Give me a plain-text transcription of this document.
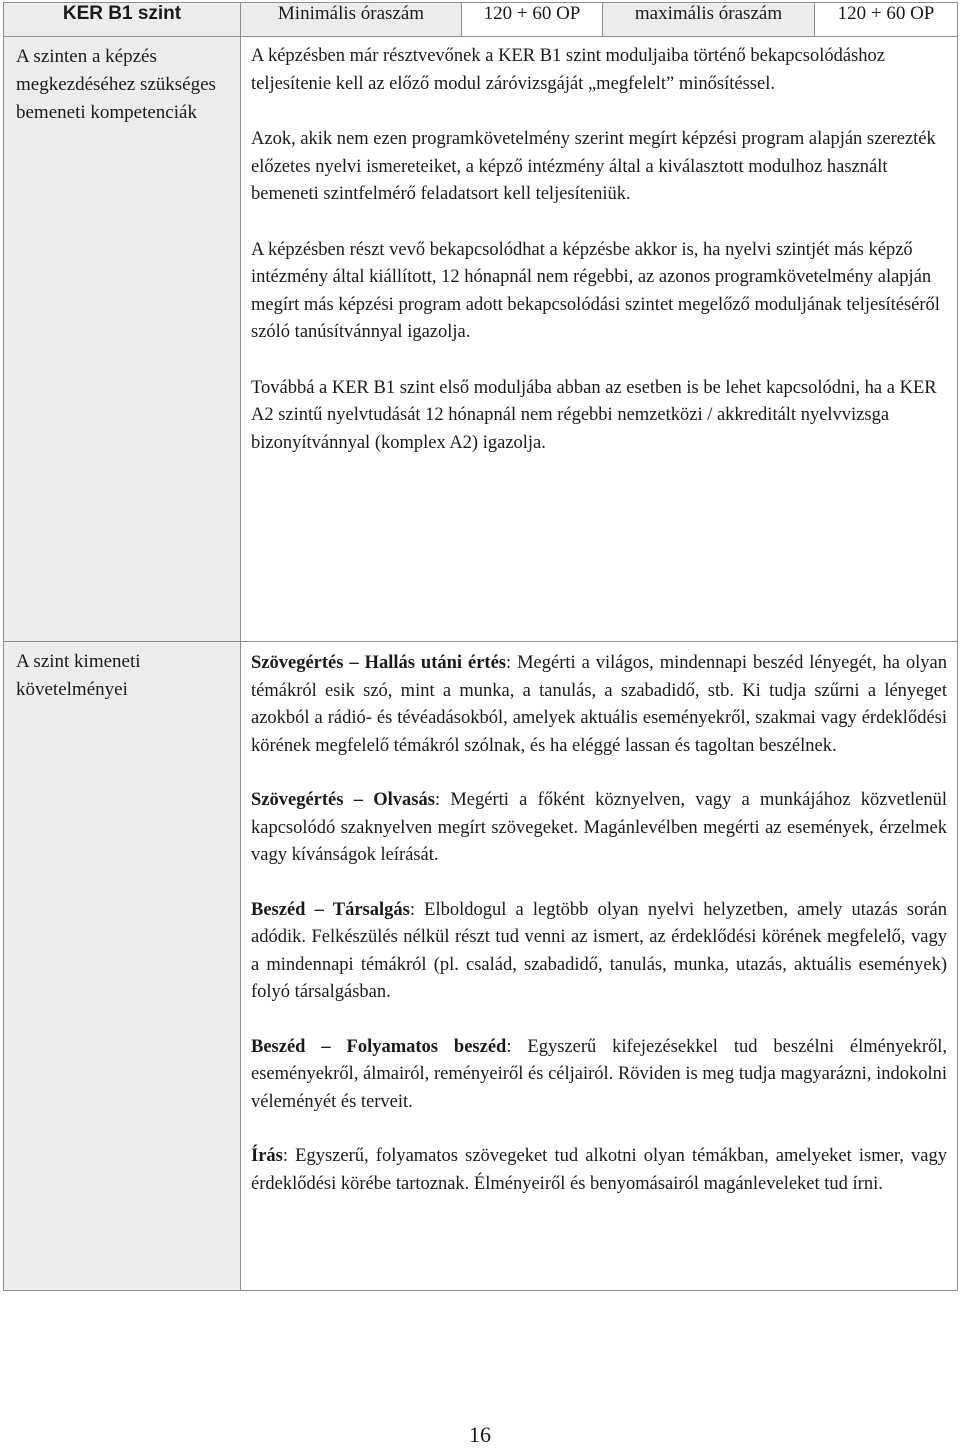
KER B1 szint	Minimális óraszám	120 + 60 OP	maximális óraszám	120 + 60 OP
A szinten a képzés megkezdéséhez szükséges bemeneti kompetenciák	A képzésben már résztvevőnek a KER B1 szint moduljaiba történő bekapcsolódáshoz teljesítenie kell az előző modul záróvizsgáját „megfelelt” minősítéssel.

Azok, akik nem ezen programkövetelmény szerint megírt képzési program alapján szerezték előzetes nyelvi ismereteiket, a képző intézmény által a kiválasztott modulhoz használt bemeneti szintfelmérő feladatsort kell teljesíteniük.

A képzésben részt vevő bekapcsolódhat a képzésbe akkor is, ha nyelvi szintjét más képző intézmény által kiállított, 12 hónapnál nem régebbi, az azonos programkövetelmény alapján megírt más képzési program adott bekapcsolódási szintet megelőző moduljának teljesítéséről szóló tanúsítvánnyal igazolja.

Továbbá a KER B1 szint első moduljába abban az esetben is be lehet kapcsolódni, ha a KER A2 szintű nyelvtudását 12 hónapnál nem régebbi nemzetközi / akkreditált nyelvvizsga bizonyítvánnyal (komplex A2) igazolja.			

A szint kimeneti követelményei	Szövegértés – Hallás utáni értés: Megérti a világos, mindennapi beszéd lényegét, ha olyan témákról esik szó, mint a munka, a tanulás, a szabadidő, stb. Ki tudja szűrni a lényeget azokból a rádió- és tévéadásokból, amelyek aktuális eseményekről, szakmai vagy érdeklődési körének megfelelő témákról szólnak, és ha eléggé lassan és tagoltan beszélnek.

Szövegértés – Olvasás: Megérti a főként köznyelven, vagy a munkájához közvetlenül kapcsolódó szaknyelven megírt szövegeket. Magánlevélben megérti az események, érzelmek vagy kívánságok leírását.

Beszéd – Társalgás: Elboldogul a legtöbb olyan nyelvi helyzetben, amely utazás során adódik. Felkészülés nélkül részt tud venni az ismert, az érdeklődési körének megfelelő, vagy a mindennapi témákról (pl. család, szabadidő, tanulás, munka, utazás, aktuális események) folyó társalgásban.

Beszéd – Folyamatos beszéd: Egyszerű kifejezésekkel tud beszélni élményekről, eseményekről, álmairól, reményeiről és céljairól. Röviden is meg tudja magyarázni, indokolni véleményét és terveit.

Írás: Egyszerű, folyamatos szövegeket tud alkotni olyan témákban, amelyeket ismer, vagy érdeklődési körébe tartoznak. Élményeiről és benyomásairól magánleveleket tud írni.			

16
